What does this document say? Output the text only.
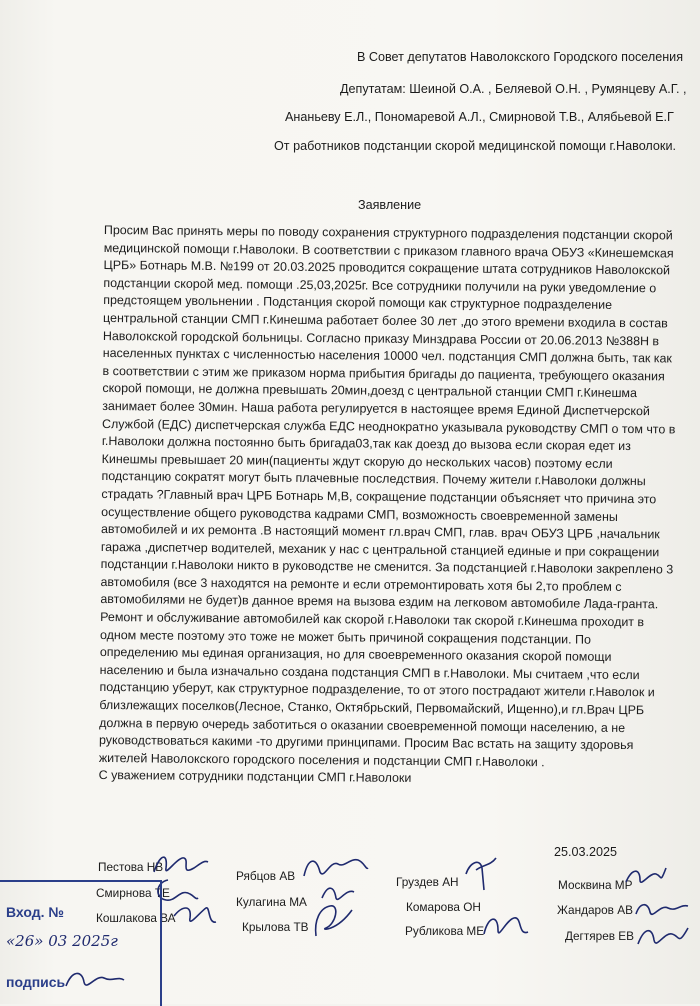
В Совет депутатов Наволокского Городского поселения
Депутатам: Шеиной О.А. , Беляевой О.Н. , Румянцеву А.Г. ,
Ананьеву Е.Л., Пономаревой А.Л., Смирновой Т.В., Алябьевой Е.Г
От работников подстанции скорой медицинской помощи г.Наволоки.
Заявление
Просим Вас принять меры по поводу сохранения структурного подразделения подстанции скорой
медицинской помощи г.Наволоки. В соответствии с приказом главного врача ОБУЗ «Кинешемская
ЦРБ» Ботнарь М.В. №199 от 20.03.2025 проводится сокращение штата сотрудников Наволокской
подстанции скорой мед. помощи .25,03,2025г. Все сотрудники получили на руки уведомление о
предстоящем увольнении . Подстанция скорой помощи как структурное подразделение
центральной станции СМП г.Кинешма работает более 30 лет ,до этого времени входила в состав
Наволокской городской больницы. Согласно приказу Минздрава России от 20.06.2013 №388Н в
населенных пунктах с численностью населения 10000 чел. подстанция СМП должна быть, так как
в соответствии с этим же приказом норма прибытия бригады до пациента, требующего оказания
скорой помощи, не должна превышать 20мин,доезд с центральной станции СМП г.Кинешма
занимает более 30мин. Наша работа регулируется в настоящее время Единой Диспетчерской
Службой (ЕДС) диспетчерская служба ЕДС неоднократно указывала руководству СМП о том что в
г.Наволоки должна постоянно быть бригада03,так как доезд до вызова если скорая едет из
Кинешмы превышает 20 мин(пациенты ждут скорую до нескольких часов) поэтому если
подстанцию сократят могут быть плачевные последствия. Почему жители г.Наволоки должны
страдать ?Главный врач ЦРБ Ботнарь М,В, сокращение подстанции объясняет что причина это
осуществление общего руководства кадрами СМП, возможность своевременной замены
автомобилей и их ремонта .В настоящий момент гл.врач СМП, глав. врач ОБУЗ ЦРБ ,начальник
гаража ,диспетчер водителей, механик у нас с центральной станцией единые и при сокращении
подстанции г.Наволоки никто в руководстве не сменится. За подстанцией г.Наволоки закреплено 3
автомобиля (все 3 находятся на ремонте и если отремонтировать хотя бы 2,то проблем с
автомобилями не будет)в данное время на вызова ездим на легковом автомобиле Лада-гранта.
Ремонт и обслуживание автомобилей как скорой г.Наволоки так скорой г.Кинешма проходит в
одном месте поэтому это тоже не может быть причиной сокращения подстанции. По
определению мы единая организация, но для своевременного оказания скорой помощи
населению и была изначально создана подстанция СМП в г.Наволоки. Мы считаем ,что если
подстанцию уберут, как структурное подразделение, то от этого пострадают жители г.Наволок и
близлежащих поселков(Лесное, Станко, Октябрьский, Первомайский, Ищенно),и гл.Врач ЦРБ
должна в первую очередь заботиться о оказании своевременной помощи населению, а не
руководствоваться какими -то другими принципами. Просим Вас встать на защиту здоровья
жителей Наволокского городского поселения и подстанции СМП г.Наволоки .
С уважением сотрудники подстанции СМП г.Наволоки
25.03.2025
Пестова НВ
Смирнова ТЕ
Кошлакова ВА
Рябцов АВ
Кулагина МА
Крылова ТВ
Груздев АН
Комарова ОН
Рубликова МЕ
Москвина МР
Жандаров АВ
Дегтярев ЕВ
Вход. №
«26» 03 2025г
подпись
